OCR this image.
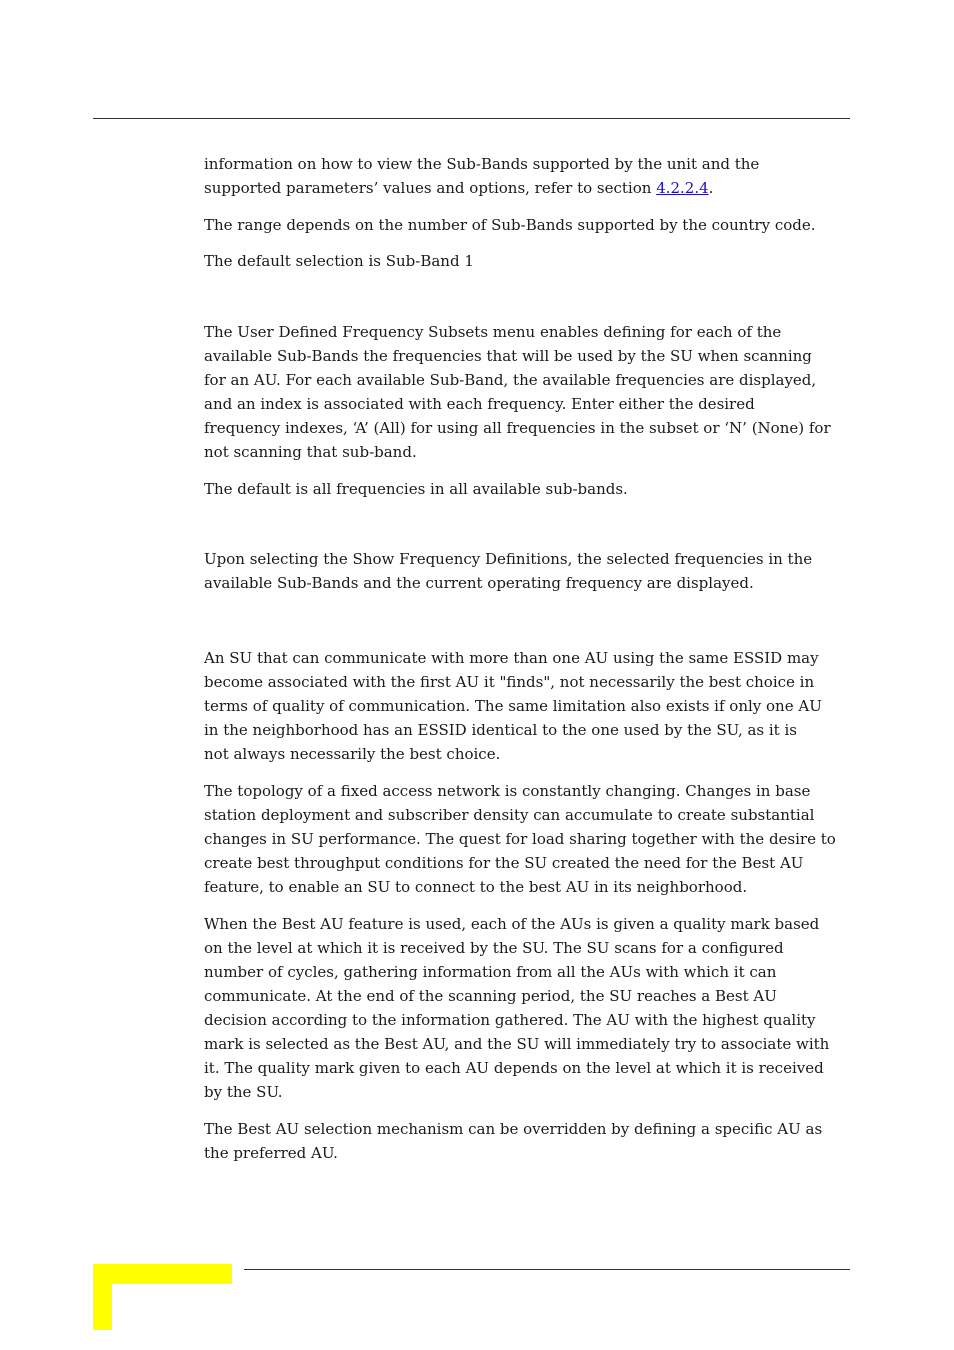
information on how to view the Sub-Bands supported by the unit and the
supported parameters’ values and options, refer to section 4.2.2.4.

The range depends on the number of Sub-Bands supported by the country code.

The default selection is Sub-Band 1

The User Defined Frequency Subsets menu enables defining for each of the
available Sub-Bands the frequencies that will be used by the SU when scanning
for an AU. For each available Sub-Band, the available frequencies are displayed,
and an index is associated with each frequency. Enter either the desired
frequency indexes, ‘A’ (All) for using all frequencies in the subset or ‘N’ (None) for
not scanning that sub-band.

The default is all frequencies in all available sub-bands.

Upon selecting the Show Frequency Definitions, the selected frequencies in the
available Sub-Bands and the current operating frequency are displayed.

An SU that can communicate with more than one AU using the same ESSID may
become associated with the first AU it "finds", not necessarily the best choice in
terms of quality of communication. The same limitation also exists if only one AU
in the neighborhood has an ESSID identical to the one used by the SU, as it is
not always necessarily the best choice.

The topology of a fixed access network is constantly changing. Changes in base
station deployment and subscriber density can accumulate to create substantial
changes in SU performance. The quest for load sharing together with the desire to
create best throughput conditions for the SU created the need for the Best AU
feature, to enable an SU to connect to the best AU in its neighborhood.

When the Best AU feature is used, each of the AUs is given a quality mark based
on the level at which it is received by the SU. The SU scans for a configured
number of cycles, gathering information from all the AUs with which it can
communicate. At the end of the scanning period, the SU reaches a Best AU
decision according to the information gathered. The AU with the highest quality
mark is selected as the Best AU, and the SU will immediately try to associate with
it. The quality mark given to each AU depends on the level at which it is received
by the SU.

The Best AU selection mechanism can be overridden by defining a specific AU as
the preferred AU.
